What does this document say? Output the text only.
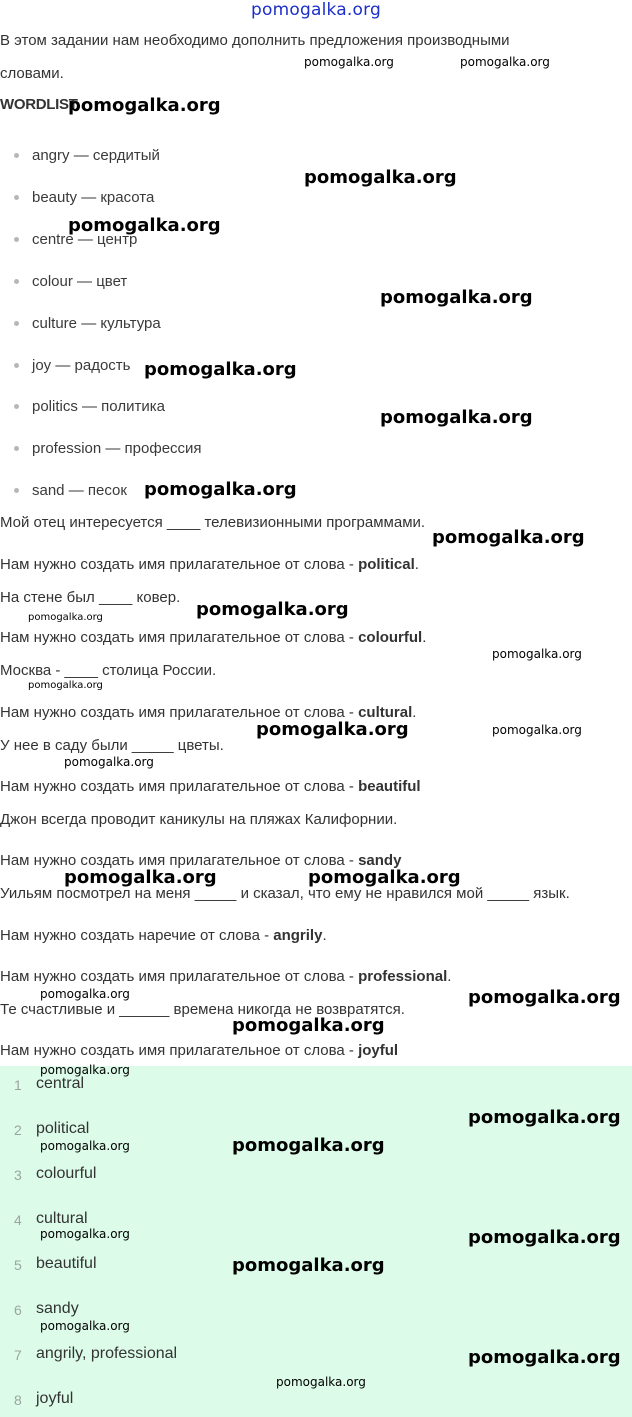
pomogalka.org
В этом задании нам необходимо дополнить предложения производными
словами.
WORDLIST
angry — сердитый
beauty — красота
centre — центр
colour — цвет
culture — культура
joy — радость
politics — политика
profession — профессия
sand — песок
Мой отец интересуется ____ телевизионными программами.
Нам нужно создать имя прилагательное от слова - political.
На стене был ____ ковер.
Нам нужно создать имя прилагательное от слова - colourful.
Москва - ____ столица России.
Нам нужно создать имя прилагательное от слова - cultural.
У нее в саду были _____ цветы.
Нам нужно создать имя прилагательное от слова - beautiful
Джон всегда проводит каникулы на пляжах Калифорнии.
Нам нужно создать имя прилагательное от слова - sandy
Уильям посмотрел на меня _____ и сказал, что ему не нравился мой _____ язык.
Нам нужно создать наречие от слова - angrily.
Нам нужно создать имя прилагательное от слова - professional.
Те счастливые и ______ времена никогда не возвратятся.
Нам нужно создать имя прилагательное от слова - joyful
1 central
2 political
3 colourful
4 cultural
5 beautiful
6 sandy
7 angrily, professional
8 joyful
pomogalka.org	pomogalka.org
pomogalka.org
pomogalka.org
pomogalka.org
pomogalka.org
pomogalka.org
pomogalka.org
pomogalka.org
pomogalka.org
pomogalka.org
pomogalka.org
pomogalka.org
pomogalka.org
pomogalka.org	pomogalka.org
pomogalka.org
pomogalka.org	pomogalka.org
pomogalka.org	pomogalka.org
pomogalka.org
pomogalka.org
pomogalka.org
pomogalka.org	pomogalka.org
pomogalka.org	pomogalka.org
pomogalka.org
pomogalka.org
pomogalka.org
pomogalka.org
